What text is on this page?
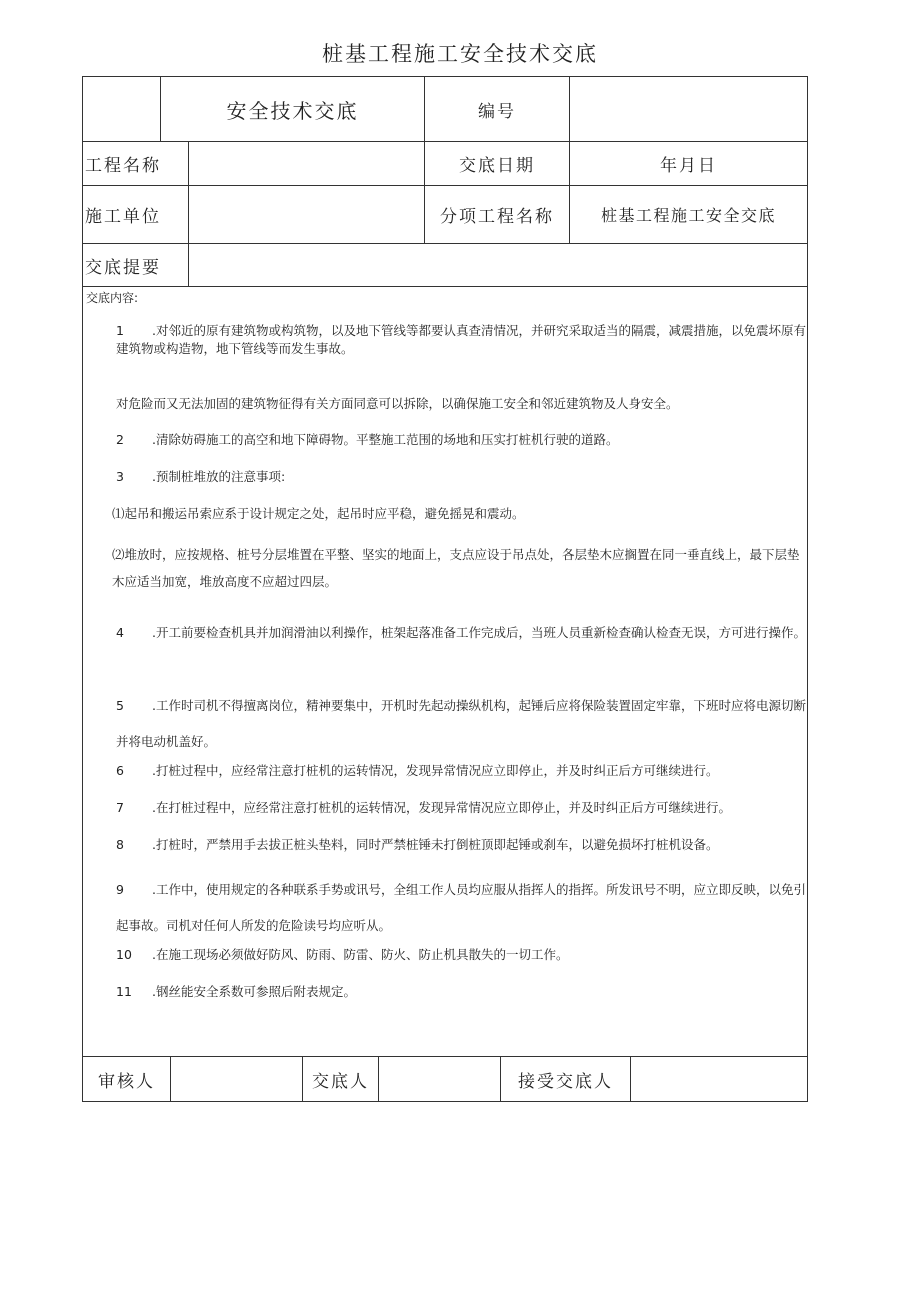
桩基工程施工安全技术交底
安全技术交底	编号
工程名称	交底日期	年月日
施工单位	分项工程名称	桩基工程施工安全交底
交底提要
交底内容:
1 .对邻近的原有建筑物或构筑物，以及地下管线等都要认真查清情况，并研究采取适当的隔震，减震措施，以免震坏原有建筑物或构造物，地下管线等而发生事故。
对危险而又无法加固的建筑物征得有关方面同意可以拆除，以确保施工安全和邻近建筑物及人身安全。
2 .清除妨碍施工的高空和地下障碍物。平整施工范围的场地和压实打桩机行驶的道路。
3 .预制桩堆放的注意事项:
⑴起吊和搬运吊索应系于设计规定之处，起吊时应平稳，避免摇晃和震动。
⑵堆放时，应按规格、桩号分层堆置在平整、坚实的地面上，支点应设于吊点处，各层垫木应搁置在同一垂直线上，最下层垫木应适当加宽，堆放高度不应超过四层。
4 .开工前要检查机具并加润滑油以利操作，桩架起落准备工作完成后，当班人员重新检查确认检查无误，方可进行操作。
5 .工作时司机不得擅离岗位，精神要集中，开机时先起动操纵机构，起锤后应将保险装置固定牢靠，下班时应将电源切断并将电动机盖好。
6 .打桩过程中，应经常注意打桩机的运转情况，发现异常情况应立即停止，并及时纠正后方可继续进行。
7 .在打桩过程中，应经常注意打桩机的运转情况，发现异常情况应立即停止，并及时纠正后方可继续进行。
8 .打桩时，严禁用手去拔正桩头垫料，同时严禁桩锤未打倒桩顶即起锤或刹车，以避免损坏打桩机设备。
9 .工作中，使用规定的各种联系手势或讯号，全组工作人员均应服从指挥人的指挥。所发讯号不明，应立即反映，以免引起事故。司机对任何人所发的危险读号均应听从。
10 .在施工现场必须做好防风、防雨、防雷、防火、防止机具散失的一切工作。
11 .钢丝能安全系数可参照后附表规定。
审核人	交底人	接受交底人
